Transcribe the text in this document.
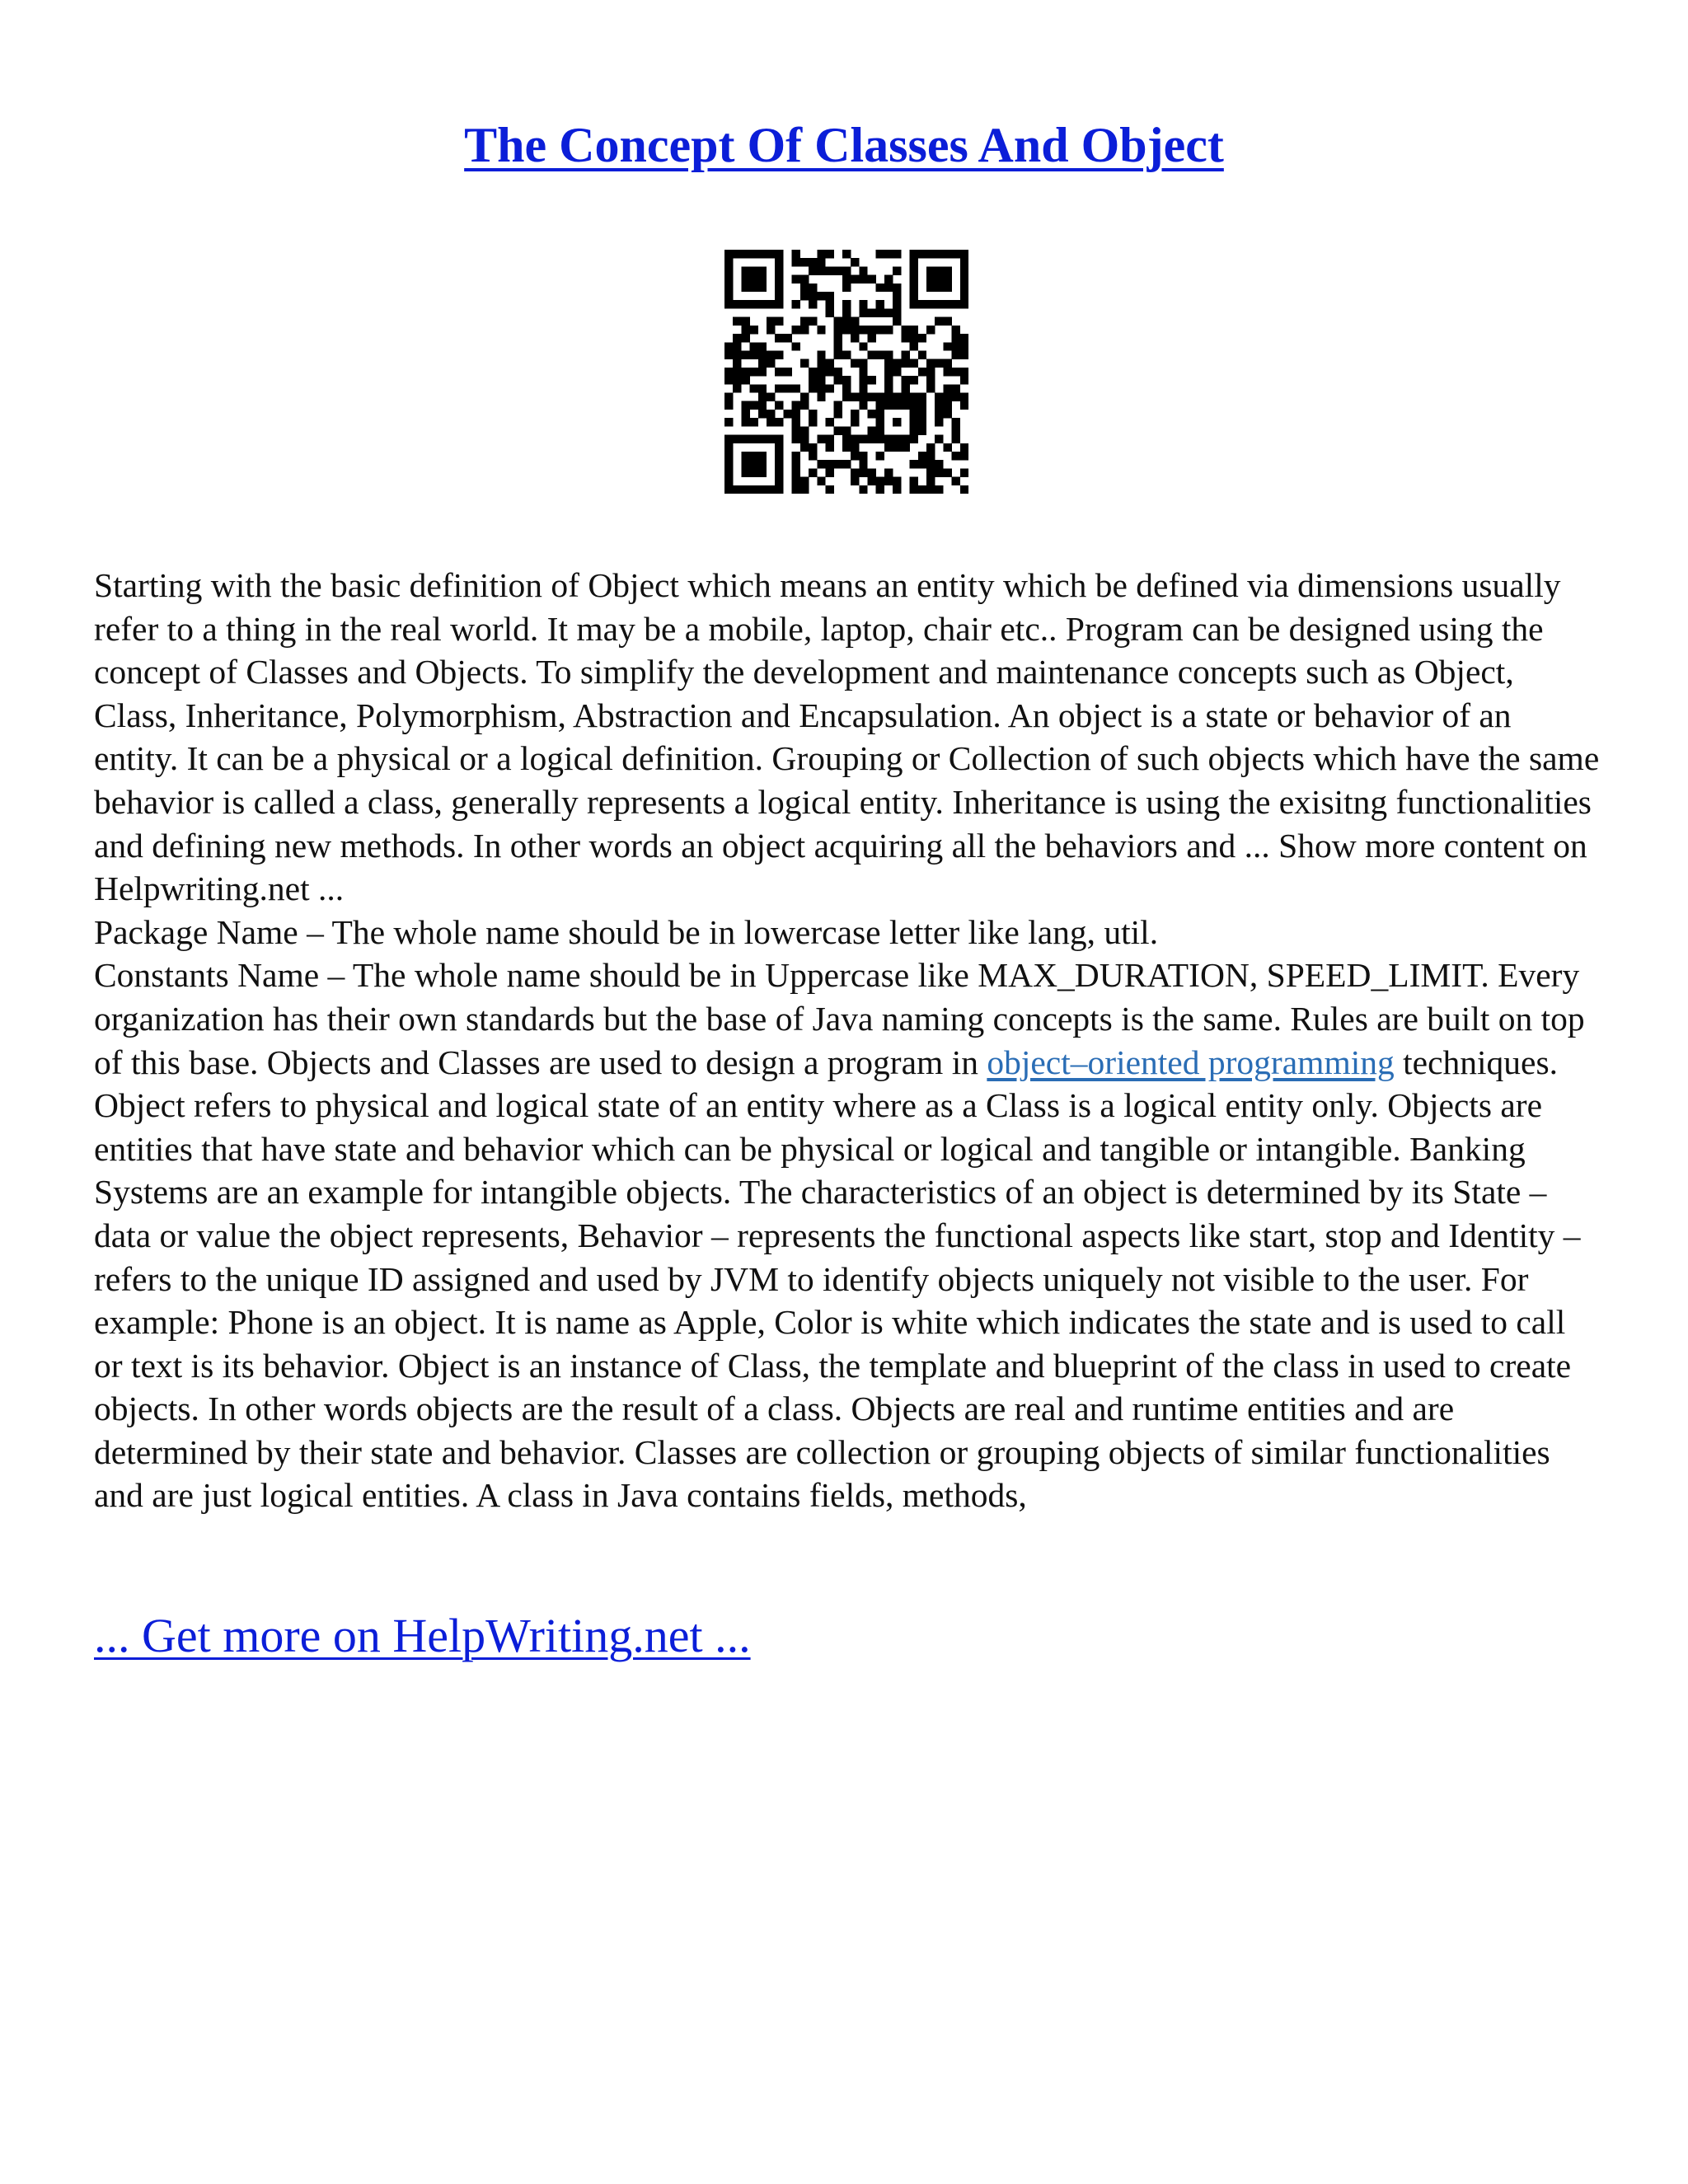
The Concept Of Classes And Object

Starting with the basic definition of Object which means an entity which be defined via dimensions usually refer to a thing in the real world. It may be a mobile, laptop, chair etc.. Program can be designed using the concept of Classes and Objects. To simplify the development and maintenance concepts such as Object, Class, Inheritance, Polymorphism, Abstraction and Encapsulation. An object is a state or behavior of an entity. It can be a physical or a logical definition. Grouping or Collection of such objects which have the same behavior is called a class, generally represents a logical entity. Inheritance is using the exisitng functionalities and defining new methods. In other words an object acquiring all the behaviors and ... Show more content on Helpwriting.net ...

Package Name – The whole name should be in lowercase letter like lang, util.

Constants Name – The whole name should be in Uppercase like MAX_DURATION, SPEED_LIMIT. Every organization has their own standards but the base of Java naming concepts is the same. Rules are built on top of this base. Objects and Classes are used to design a program in object–oriented programming techniques. Object refers to physical and logical state of an entity where as a Class is a logical entity only. Objects are entities that have state and behavior which can be physical or logical and tangible or intangible. Banking Systems are an example for intangible objects. The characteristics of an object is determined by its State – data or value the object represents, Behavior – represents the functional aspects like start, stop and Identity – refers to the unique ID assigned and used by JVM to identify objects uniquely not visible to the user. For example: Phone is an object. It is name as Apple, Color is white which indicates the state and is used to call or text is its behavior. Object is an instance of Class, the template and blueprint of the class in used to create objects. In other words objects are the result of a class. Objects are real and runtime entities and are determined by their state and behavior. Classes are collection or grouping objects of similar functionalities and are just logical entities. A class in Java contains fields, methods,

... Get more on HelpWriting.net ...
